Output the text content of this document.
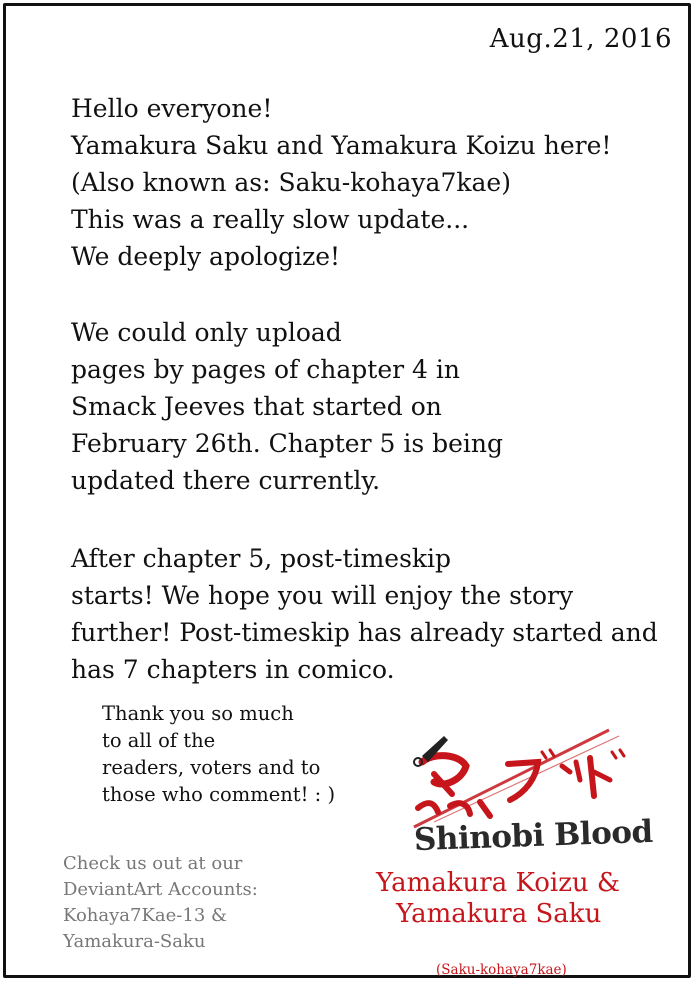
Aug.21, 2016
Hello everyone!
Yamakura Saku and Yamakura Koizu here!
(Also known as: Saku-kohaya7kae)
This was a really slow update...
We deeply apologize!
We could only upload
pages by pages of chapter 4 in
Smack Jeeves that started on
February 26th. Chapter 5 is being
updated there currently.
After chapter 5, post-timeskip
starts! We hope you will enjoy the story
further! Post-timeskip has already started and
has 7 chapters in comico.
Thank you so much
to all of the
readers, voters and to
those who comment! : )
Check us out at our
DeviantArt Accounts:
Kohaya7Kae-13 &
Yamakura-Saku
Shinobi Blood
Yamakura Koizu &
Yamakura Saku
(Saku-kohaya7kae)
